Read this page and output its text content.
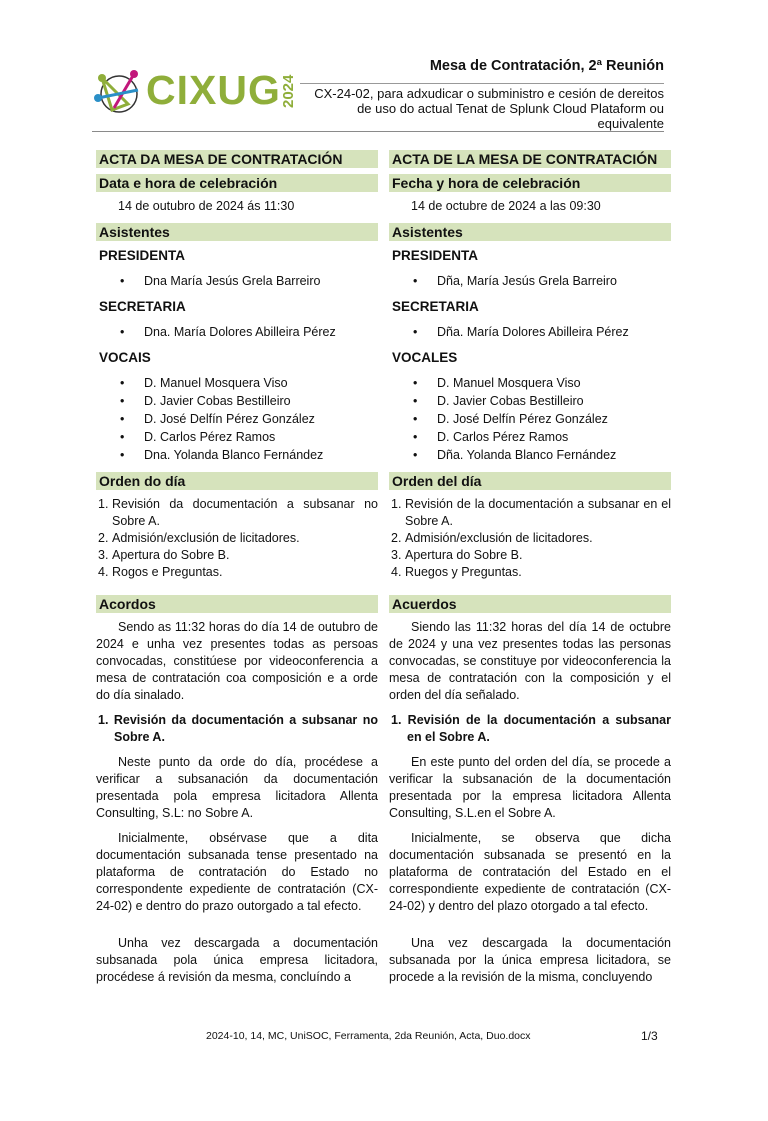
CIXUG 2024
Mesa de Contratación, 2ª Reunión
CX-24-02, para adxudicar o subministro e cesión de dereitos de uso do actual Tenat de Splunk Cloud Plataform ou equivalente
ACTA DA MESA DE CONTRATACIÓN
Data e hora de celebración
14 de outubro de 2024 ás 11:30
Asistentes
PRESIDENTA
• Dna María Jesús Grela Barreiro
SECRETARIA
• Dna. María Dolores Abilleira Pérez
VOCAIS
• D. Manuel Mosquera Viso
• D. Javier Cobas Bestilleiro
• D. José Delfín Pérez González
• D. Carlos Pérez Ramos
• Dna. Yolanda Blanco Fernández
Orden do día
1. Revisión da documentación a subsanar no Sobre A.
2. Admisión/exclusión de licitadores.
3. Apertura do Sobre B.
4. Rogos e Preguntas.
Acordos

Sendo as 11:32 horas do día 14 de outubro de 2024 e unha vez presentes todas as persoas convocadas, constitúese por videoconferencia a mesa de contratación coa composición e a orde do día sinalado.

1. Revisión da documentación a subsanar no Sobre A.

Neste punto da orde do día, procédese a verificar a subsanación da documentación presentada pola empresa licitadora Allenta Consulting, S.L: no Sobre A.

Inicialmente, obsérvase que a dita documentación subsanada tense presentado na plataforma de contratación do Estado no correspondente expediente de contratación (CX-24-02) e dentro do prazo outorgado a tal efecto.

Unha vez descargada a documentación subsanada pola única empresa licitadora, procédese á revisión da mesma, concluíndo a

ACTA DE LA MESA DE CONTRATACIÓN
Fecha y hora de celebración
14 de octubre de 2024 a las 09:30
Asistentes
PRESIDENTA
• Dña, María Jesús Grela Barreiro
SECRETARIA
• Dña. María Dolores Abilleira Pérez
VOCALES
• D. Manuel Mosquera Viso
• D. Javier Cobas Bestilleiro
• D. José Delfín Pérez González
• D. Carlos Pérez Ramos
• Dña. Yolanda Blanco Fernández
Orden del día
1. Revisión de la documentación a subsanar en el Sobre A.
2. Admisión/exclusión de licitadores.
3. Apertura do Sobre B.
4. Ruegos y Preguntas.
Acuerdos

Siendo las 11:32 horas del día 14 de octubre de 2024 y una vez presentes todas las personas convocadas, se constituye por videoconferencia la mesa de contratación con la composición y el orden del día señalado.

1. Revisión de la documentación a subsanar en el Sobre A.

En este punto del orden del día, se procede a verificar la subsanación de la documentación presentada por la empresa licitadora Allenta Consulting, S.L.en el Sobre A.

Inicialmente, se observa que dicha documentación subsanada se presentó en la plataforma de contratación del Estado en el correspondiente expediente de contratación (CX-24-02) y dentro del plazo otorgado a tal efecto.

Una vez descargada la documentación subsanada por la única empresa licitadora, se procede a la revisión de la misma, concluyendo

2024-10, 14, MC, UniSOC, Ferramenta, 2da Reunión, Acta, Duo.docx	1/3
